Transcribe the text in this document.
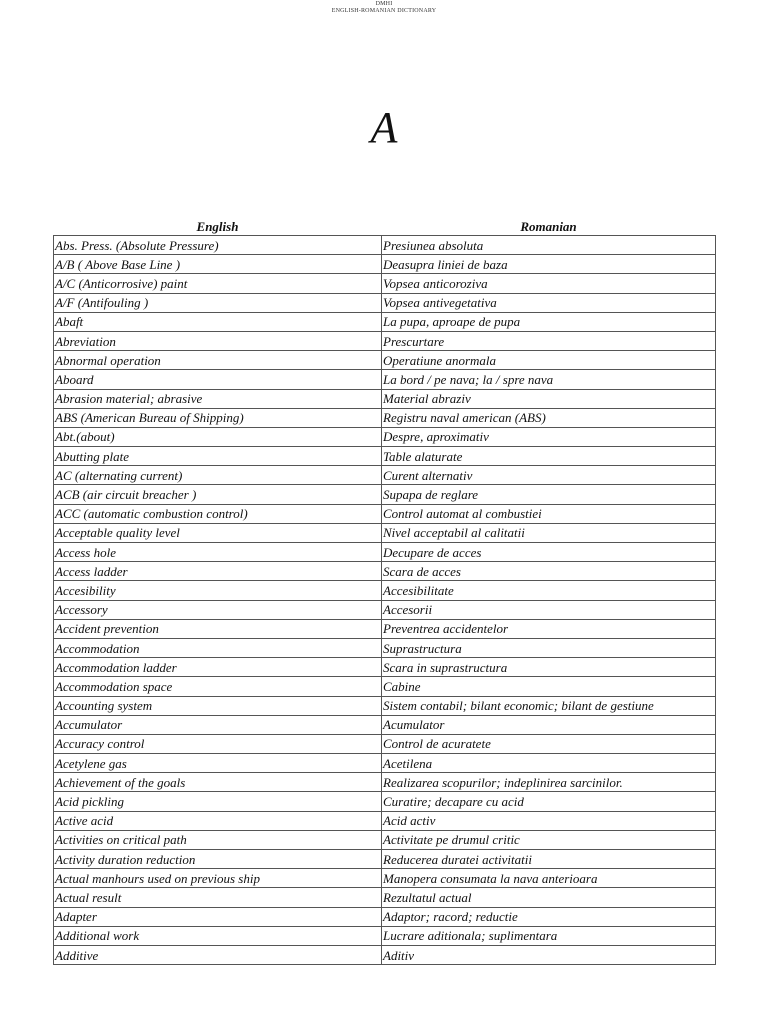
DMHI
ENGLISH-ROMANIAN DICTIONARY
A
English	Romanian
Abs. Press. (Absolute Pressure)	Presiunea absoluta
A/B ( Above Base Line )	Deasupra liniei de baza
A/C (Anticorrosive) paint	Vopsea anticoroziva
A/F (Antifouling )	Vopsea antivegetativa
Abaft	La pupa, aproape de pupa
Abreviation	Prescurtare
Abnormal operation	Operatiune anormala
Aboard	La bord / pe nava; la / spre nava
Abrasion material; abrasive	Material abraziv
ABS (American Bureau of Shipping)	Registru naval american (ABS)
Abt.(about)	Despre, aproximativ
Abutting plate	Table alaturate
AC (alternating current)	Curent alternativ
ACB (air circuit breacher )	Supapa de reglare
ACC (automatic combustion control)	Control automat al combustiei
Acceptable quality level	Nivel acceptabil al calitatii
Access hole	Decupare de acces
Access ladder	Scara de acces
Accesibility	Accesibilitate
Accessory	Accesorii
Accident prevention	Preventrea accidentelor
Accommodation	Suprastructura
Accommodation ladder	Scara in suprastructura
Accommodation space	Cabine
Accounting system	Sistem contabil; bilant economic; bilant de gestiune
Accumulator	Acumulator
Accuracy control	Control de acuratete
Acetylene gas	Acetilena
Achievement of the goals	Realizarea scopurilor; indeplinirea sarcinilor.
Acid pickling	Curatire; decapare cu acid
Active acid	Acid activ
Activities on critical path	Activitate pe drumul critic
Activity duration reduction	Reducerea duratei activitatii
Actual manhours used on previous ship	Manopera consumata la nava anterioara
Actual result	Rezultatul actual
Adapter	Adaptor; racord; reductie
Additional work	Lucrare aditionala; suplimentara
Additive	Aditiv
